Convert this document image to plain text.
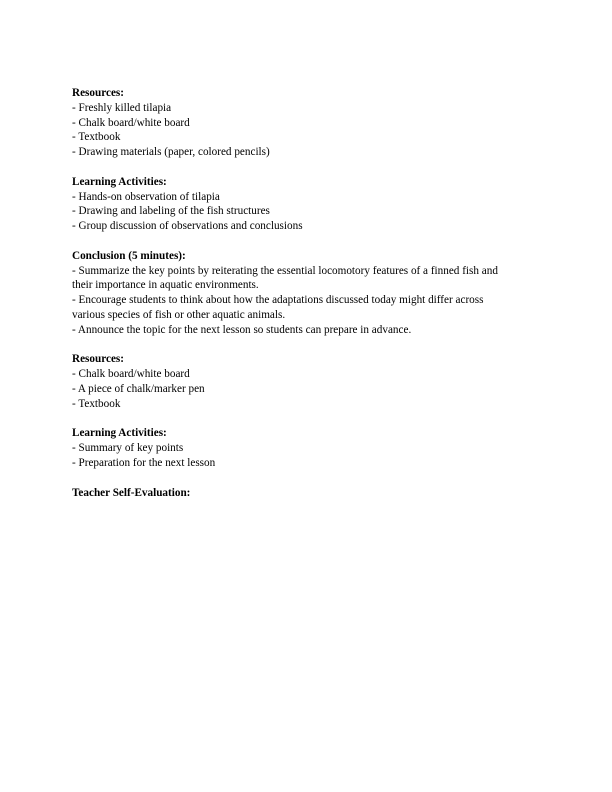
Resources:
- Freshly killed tilapia
- Chalk board/white board
- Textbook
- Drawing materials (paper, colored pencils)
Learning Activities:
- Hands-on observation of tilapia
- Drawing and labeling of the fish structures
- Group discussion of observations and conclusions
Conclusion (5 minutes):
- Summarize the key points by reiterating the essential locomotory features of a finned fish and
their importance in aquatic environments.
- Encourage students to think about how the adaptations discussed today might differ across
various species of fish or other aquatic animals.
- Announce the topic for the next lesson so students can prepare in advance.
Resources:
- Chalk board/white board
- A piece of chalk/marker pen
- Textbook
Learning Activities:
- Summary of key points
- Preparation for the next lesson
Teacher Self-Evaluation:
